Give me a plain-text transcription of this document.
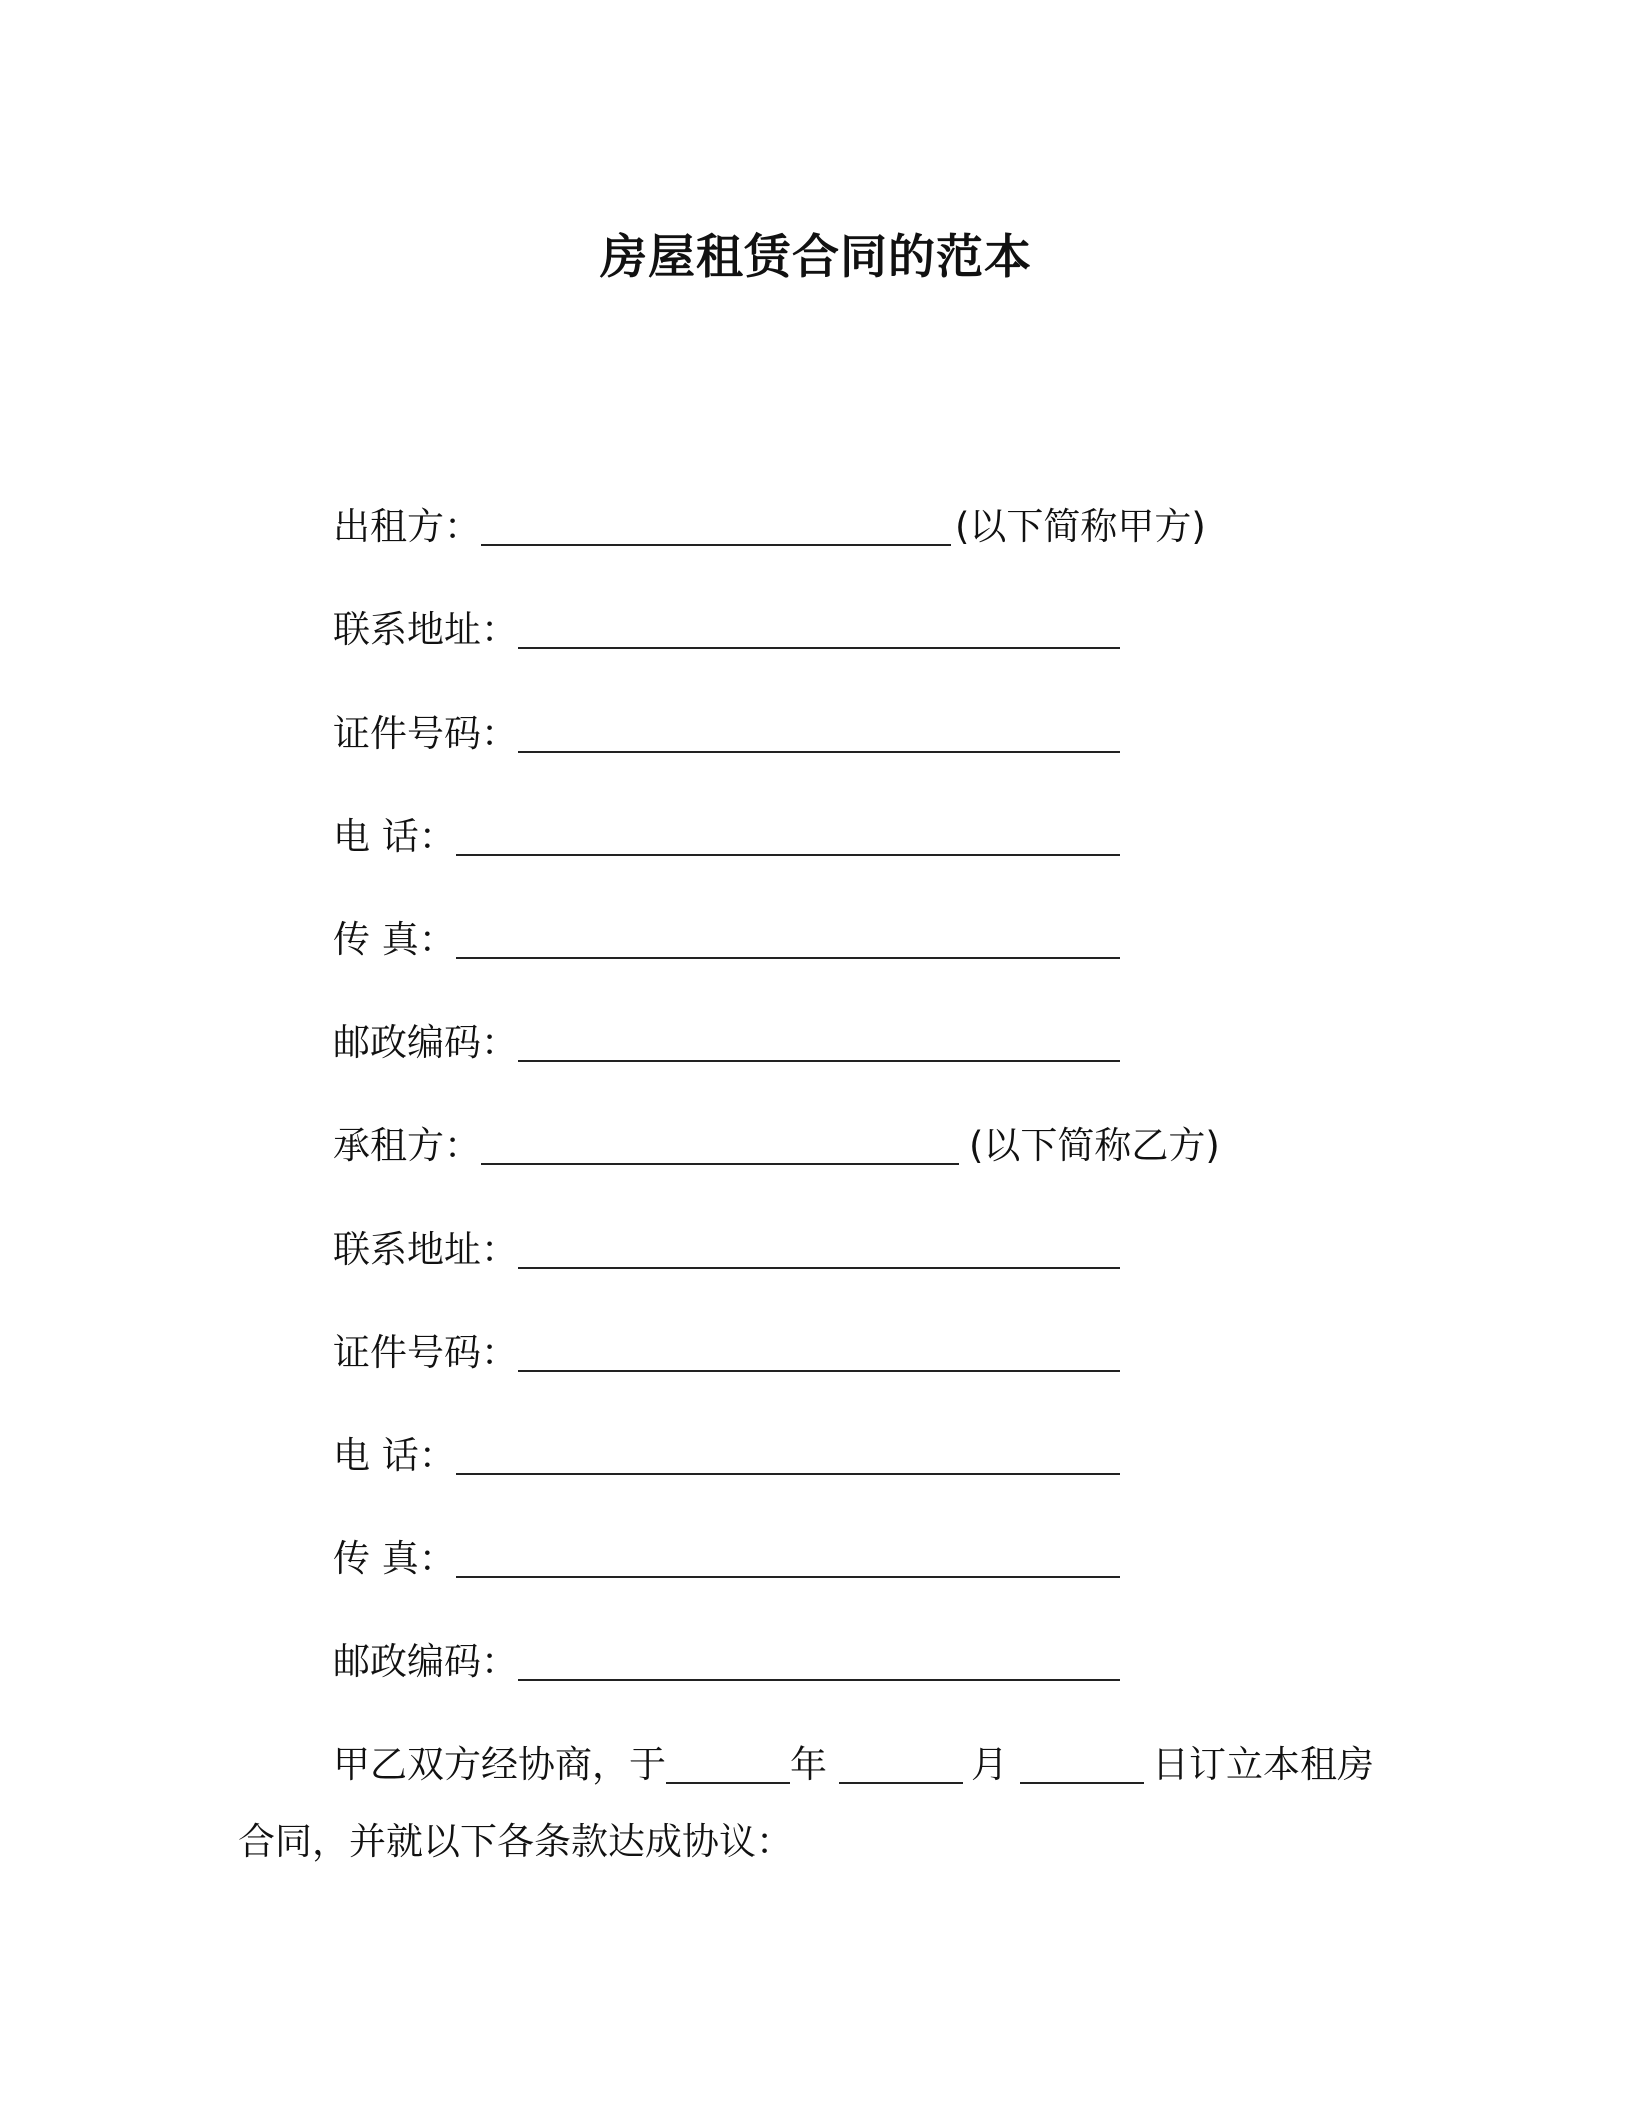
房屋租赁合同的范本
出租方：	(以下简称甲方)
联系地址：
证件号码：
电 话：
传 真：
邮政编码：
承租方：	(以下简称乙方)
联系地址：
证件号码：
电 话：
传 真：
邮政编码：
甲乙双方经协商，于	年	月	日订立本租房
合同，并就以下各条款达成协议：
